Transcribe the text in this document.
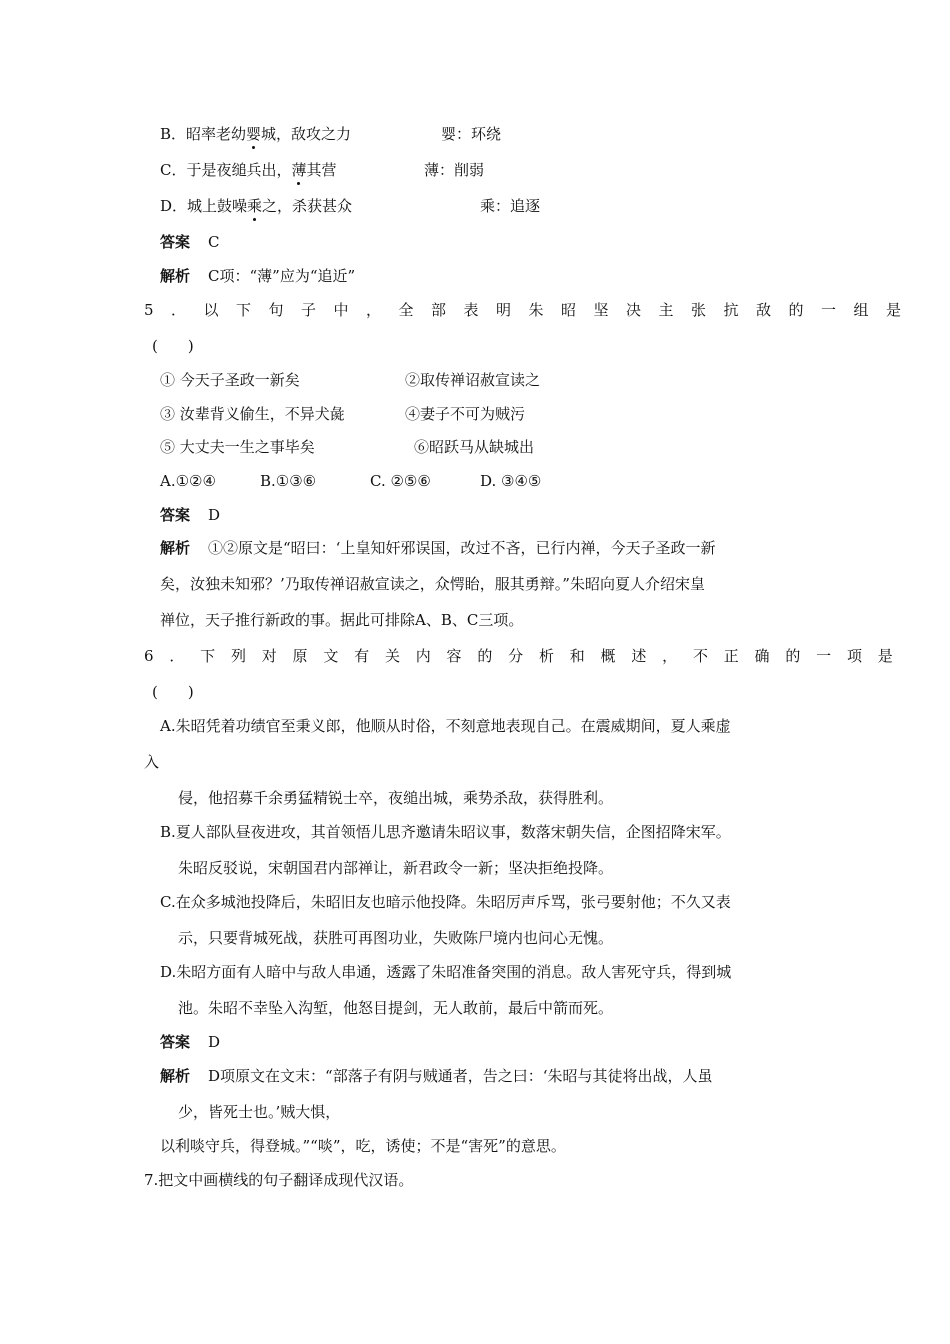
B．昭率老幼婴城，敌攻之力	婴：环绕
C．于是夜缒兵出，薄其营	薄：削弱
D．城上鼓噪乘之，杀获甚众	乘：追逐
答案 C
解析 C项：“薄”应为“追近”
5．以下句子中，全部表明朱昭坚决主张抗敌的一组是
(　　)
① 今天子圣政一新矣	②取传禅诏赦宣读之
③ 汝辈背义偷生，不异犬彘	④妻子不可为贼污
⑤ 大丈夫一生之事毕矣	⑥昭跃马从缺城出
A.①②④	B.①③⑥	C. ②⑤⑥	D. ③④⑤
答案 D
解析 ①②原文是“昭曰：‘上皇知奸邪误国，改过不吝，已行内禅，今天子圣政一新
矣，汝独未知邪？’乃取传禅诏赦宣读之，众愕眙，服其勇辩。”朱昭向夏人介绍宋皇
禅位，天子推行新政的事。据此可排除A、B、C三项。
6．下列对原文有关内容的分析和概述，不正确的一项是
(　　)
A.朱昭凭着功绩官至秉义郎，他顺从时俗，不刻意地表现自己。在震威期间，夏人乘虚
入
侵，他招募千余勇猛精锐士卒，夜缒出城，乘势杀敌，获得胜利。
B.夏人部队昼夜进攻，其首领悟儿思齐邀请朱昭议事，数落宋朝失信，企图招降宋军。
朱昭反驳说，宋朝国君内部禅让，新君政令一新；坚决拒绝投降。
C.在众多城池投降后，朱昭旧友也暗示他投降。朱昭厉声斥骂，张弓要射他；不久又表
示，只要背城死战，获胜可再图功业，失败陈尸境内也问心无愧。
D.朱昭方面有人暗中与敌人串通，透露了朱昭准备突围的消息。敌人害死守兵，得到城
池。朱昭不幸坠入沟堑，他怒目提剑，无人敢前，最后中箭而死。
答案 D
解析 D项原文在文末：“部落子有阴与贼通者，告之曰：‘朱昭与其徒将出战，人虽
少，皆死士也。’贼大惧，
以利啖守兵，得登城。”“啖”，吃，诱使；不是“害死”的意思。
7.把文中画横线的句子翻译成现代汉语。
